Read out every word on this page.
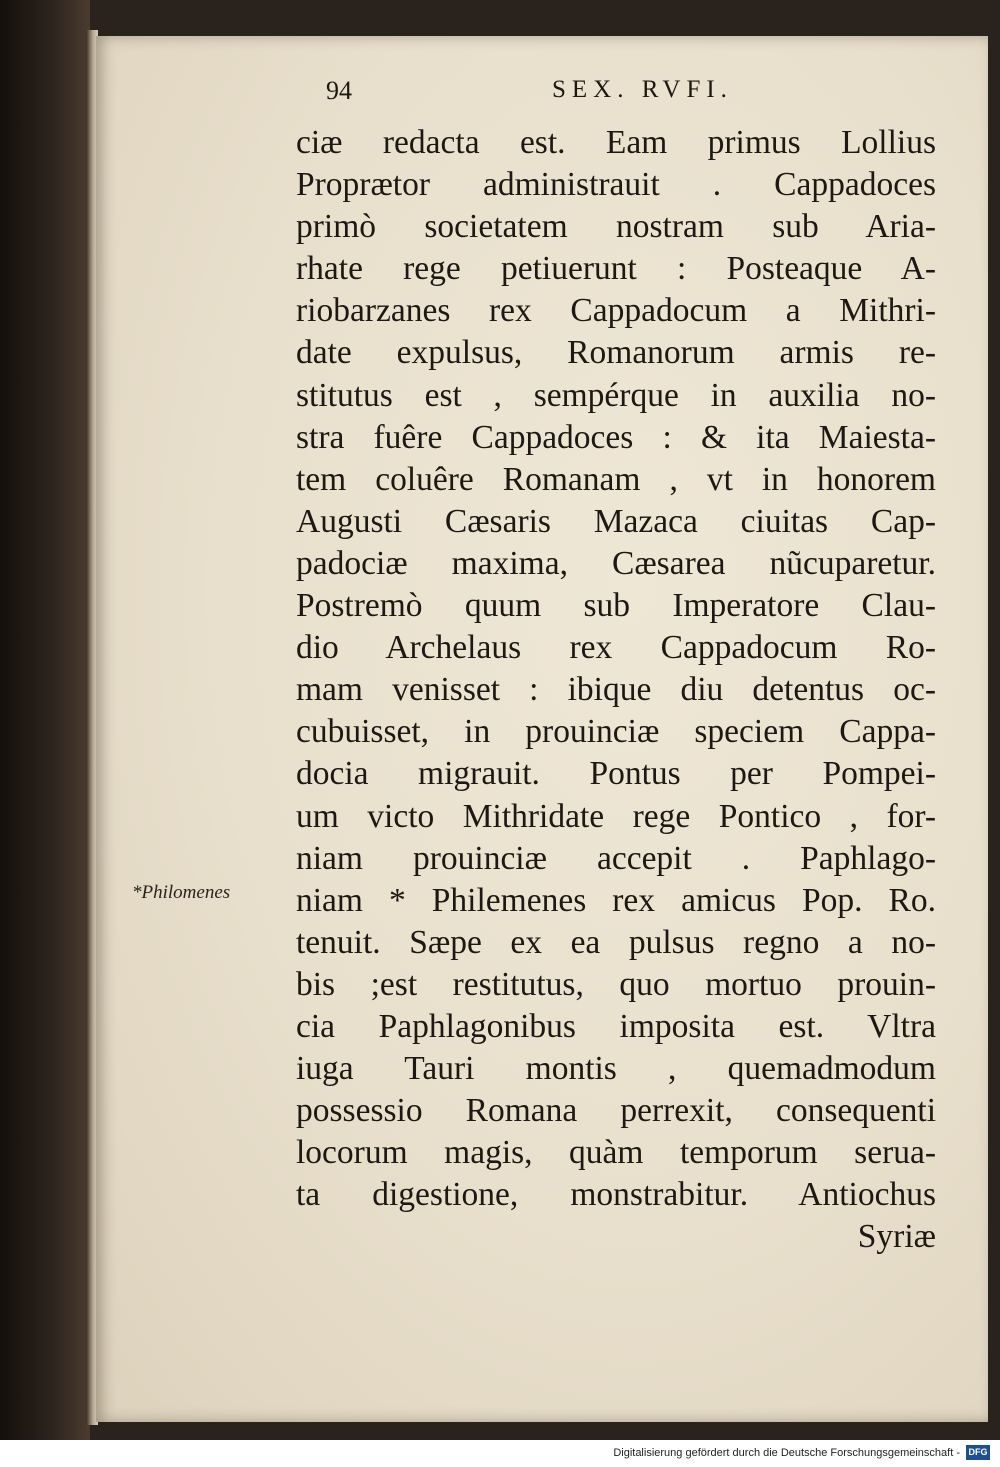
94	SEX. RVFI.
*Philomenes
ciæ redacta est. Eam primus Lollius
Proprætor administrauit . Cappadoces
primò societatem nostram sub Aria-
rhate rege petiuerunt : Posteaque A-
riobarzanes rex Cappadocum a Mithri-
date expulsus, Romanorum armis re-
stitutus est , sempérque in auxilia no-
stra fuêre Cappadoces : & ita Maiesta-
tem coluêre Romanam , vt in honorem
Augusti Cæsaris Mazaca ciuitas Cap-
padociæ maxima, Cæsarea nũcuparetur.
Postremò quum sub Imperatore Clau-
dio Archelaus rex Cappadocum Ro-
mam venisset : ibique diu detentus oc-
cubuisset, in prouinciæ speciem Cappa-
docia migrauit. Pontus per Pompei-
um victo Mithridate rege Pontico , for-
niam prouinciæ accepit . Paphlago-
niam * Philemenes rex amicus Pop. Ro.
tenuit. Sæpe ex ea pulsus regno a no-
bis ;est restitutus, quo mortuo prouin-
cia Paphlagonibus imposita est. Vltra
iuga Tauri montis , quemadmodum
possessio Romana perrexit, consequenti
locorum magis, quàm temporum serua-
ta digestione, monstrabitur. Antiochus
Syriæ
Digitalisierung gefördert durch die Deutsche Forschungsgemeinschaft - DFG
